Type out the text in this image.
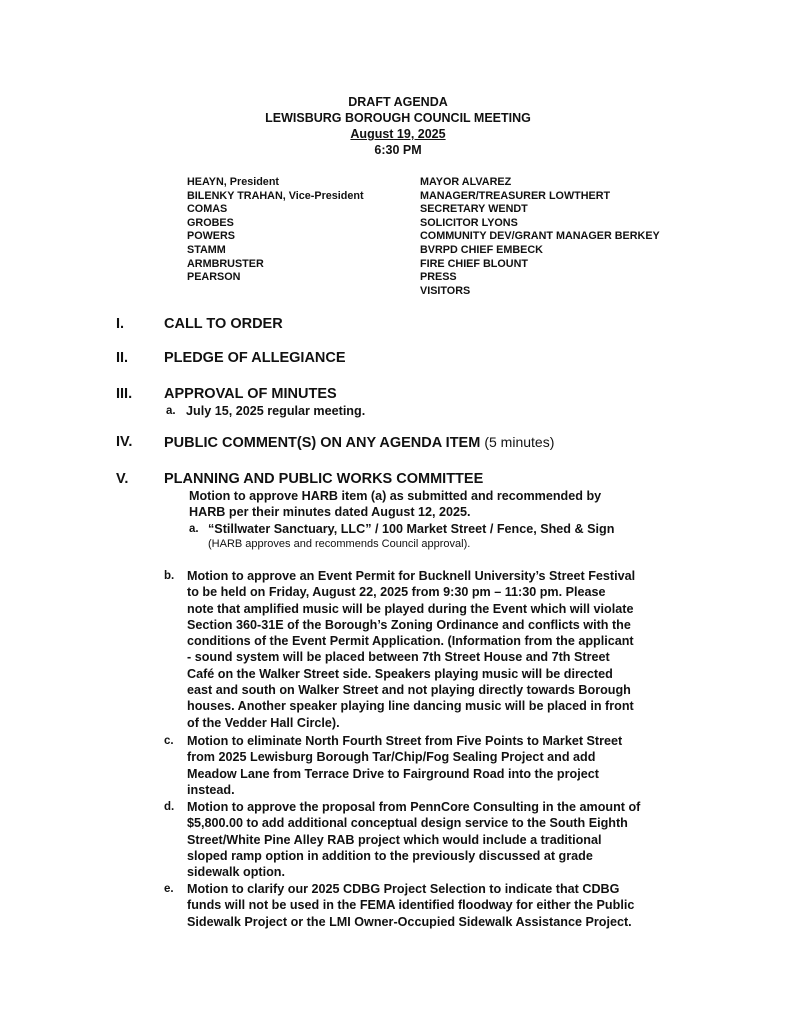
DRAFT AGENDA
LEWISBURG BOROUGH COUNCIL MEETING
August 19, 2025
6:30 PM
HEAYN, President
BILENKY TRAHAN, Vice-President
COMAS
GROBES
POWERS
STAMM
ARMBRUSTER
PEARSON
MAYOR ALVAREZ
MANAGER/TREASURER LOWTHERT
SECRETARY WENDT
SOLICITOR LYONS
COMMUNITY DEV/GRANT MANAGER BERKEY
BVRPD CHIEF EMBECK
FIRE CHIEF BLOUNT
PRESS
VISITORS
I.	CALL TO ORDER
II. PLEDGE OF ALLEGIANCE
III. APPROVAL OF MINUTES
a. July 15, 2025 regular meeting.
IV. PUBLIC COMMENT(S) ON ANY AGENDA ITEM (5 minutes)
V. PLANNING AND PUBLIC WORKS COMMITTEE
Motion to approve HARB item (a) as submitted and recommended by
HARB per their minutes dated August 12, 2025.
a. “Stillwater Sanctuary, LLC” / 100 Market Street / Fence, Shed & Sign
(HARB approves and recommends Council approval).
b. Motion to approve an Event Permit for Bucknell University’s Street Festival
to be held on Friday, August 22, 2025 from 9:30 pm – 11:30 pm. Please
note that amplified music will be played during the Event which will violate
Section 360-31E of the Borough’s Zoning Ordinance and conflicts with the
conditions of the Event Permit Application. (Information from the applicant
- sound system will be placed between 7th Street House and 7th Street
Café on the Walker Street side. Speakers playing music will be directed
east and south on Walker Street and not playing directly towards Borough
houses. Another speaker playing line dancing music will be placed in front
of the Vedder Hall Circle).
c. Motion to eliminate North Fourth Street from Five Points to Market Street
from 2025 Lewisburg Borough Tar/Chip/Fog Sealing Project and add
Meadow Lane from Terrace Drive to Fairground Road into the project
instead.
d. Motion to approve the proposal from PennCore Consulting in the amount of
$5,800.00 to add additional conceptual design service to the South Eighth
Street/White Pine Alley RAB project which would include a traditional
sloped ramp option in addition to the previously discussed at grade
sidewalk option.
e. Motion to clarify our 2025 CDBG Project Selection to indicate that CDBG
funds will not be used in the FEMA identified floodway for either the Public
Sidewalk Project or the LMI Owner-Occupied Sidewalk Assistance Project.
